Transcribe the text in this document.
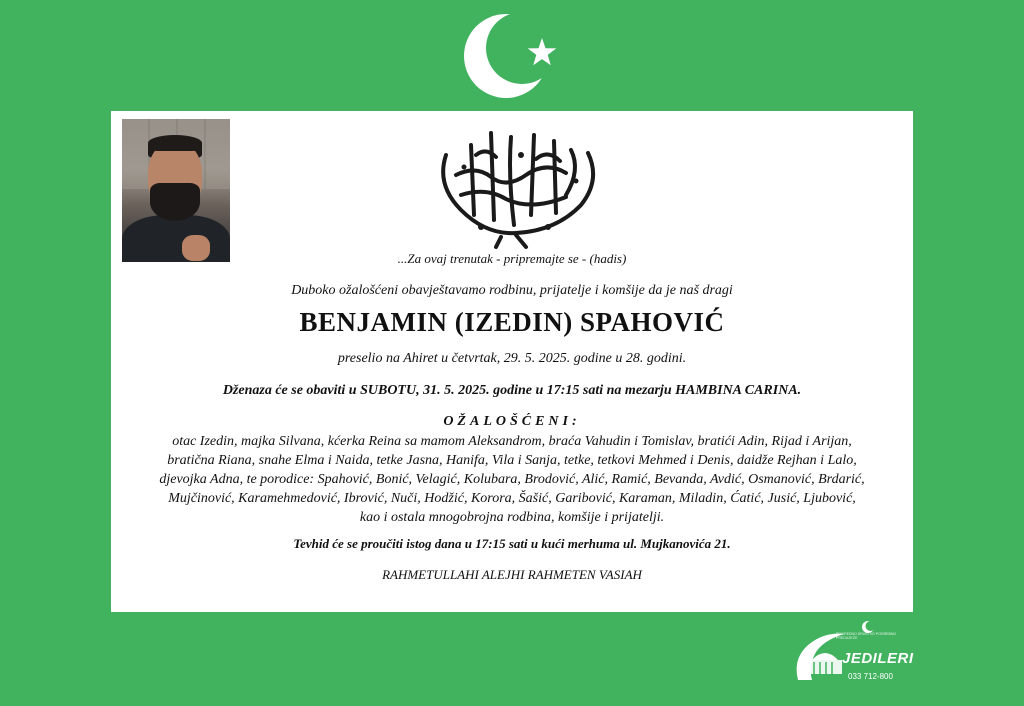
...Za ovaj trenutak - pripremajte se - (hadis)
Duboko ožalošćeni obavještavamo rodbinu, prijatelje i komšije da je naš dragi
BENJAMIN (IZEDIN) SPAHOVIĆ
preselio na Ahiret u četvrtak, 29. 5. 2025. godine u 28. godini.
Dženaza će se obaviti u SUBOTU, 31. 5. 2025. godine u 17:15 sati na mezarju HAMBINA CARINA.
OŽALOŠĆENI:
otac Izedin, majka Silvana, kćerka Reina sa mamom Aleksandrom, braća Vahudin i Tomislav, bratići Adin, Rijad i Arijan,
bratična Riana, snahe Elma i Naida, tetke Jasna, Hanifa, Vila i Sanja, tetke, tetkovi Mehmed i Denis, daidže Rejhan i Lalo,
djevojka Adna, te porodice: Spahović, Bonić, Velagić, Kolubara, Brodović, Alić, Ramić, Bevanda, Avdić, Osmanović, Brdarić,
Mujčinović, Karamehmedović, Ibrović, Nuči, Hodžić, Korora, Šašić, Garibović, Karaman, Miladin, Ćatić, Jusić, Ljubović,
kao i ostala mnogobrojna rodbina, komšije i prijatelji.
Tevhid će se proučiti istog dana u 17:15 sati u kući merhuma ul. Mujkanovića 21.
RAHMETULLAHI ALEJHI RAHMETEN VASIAH
PRIVREDNO DRUŠTVO POGREBNO PREDUZEĆE
JEDILERI
033 712-800
